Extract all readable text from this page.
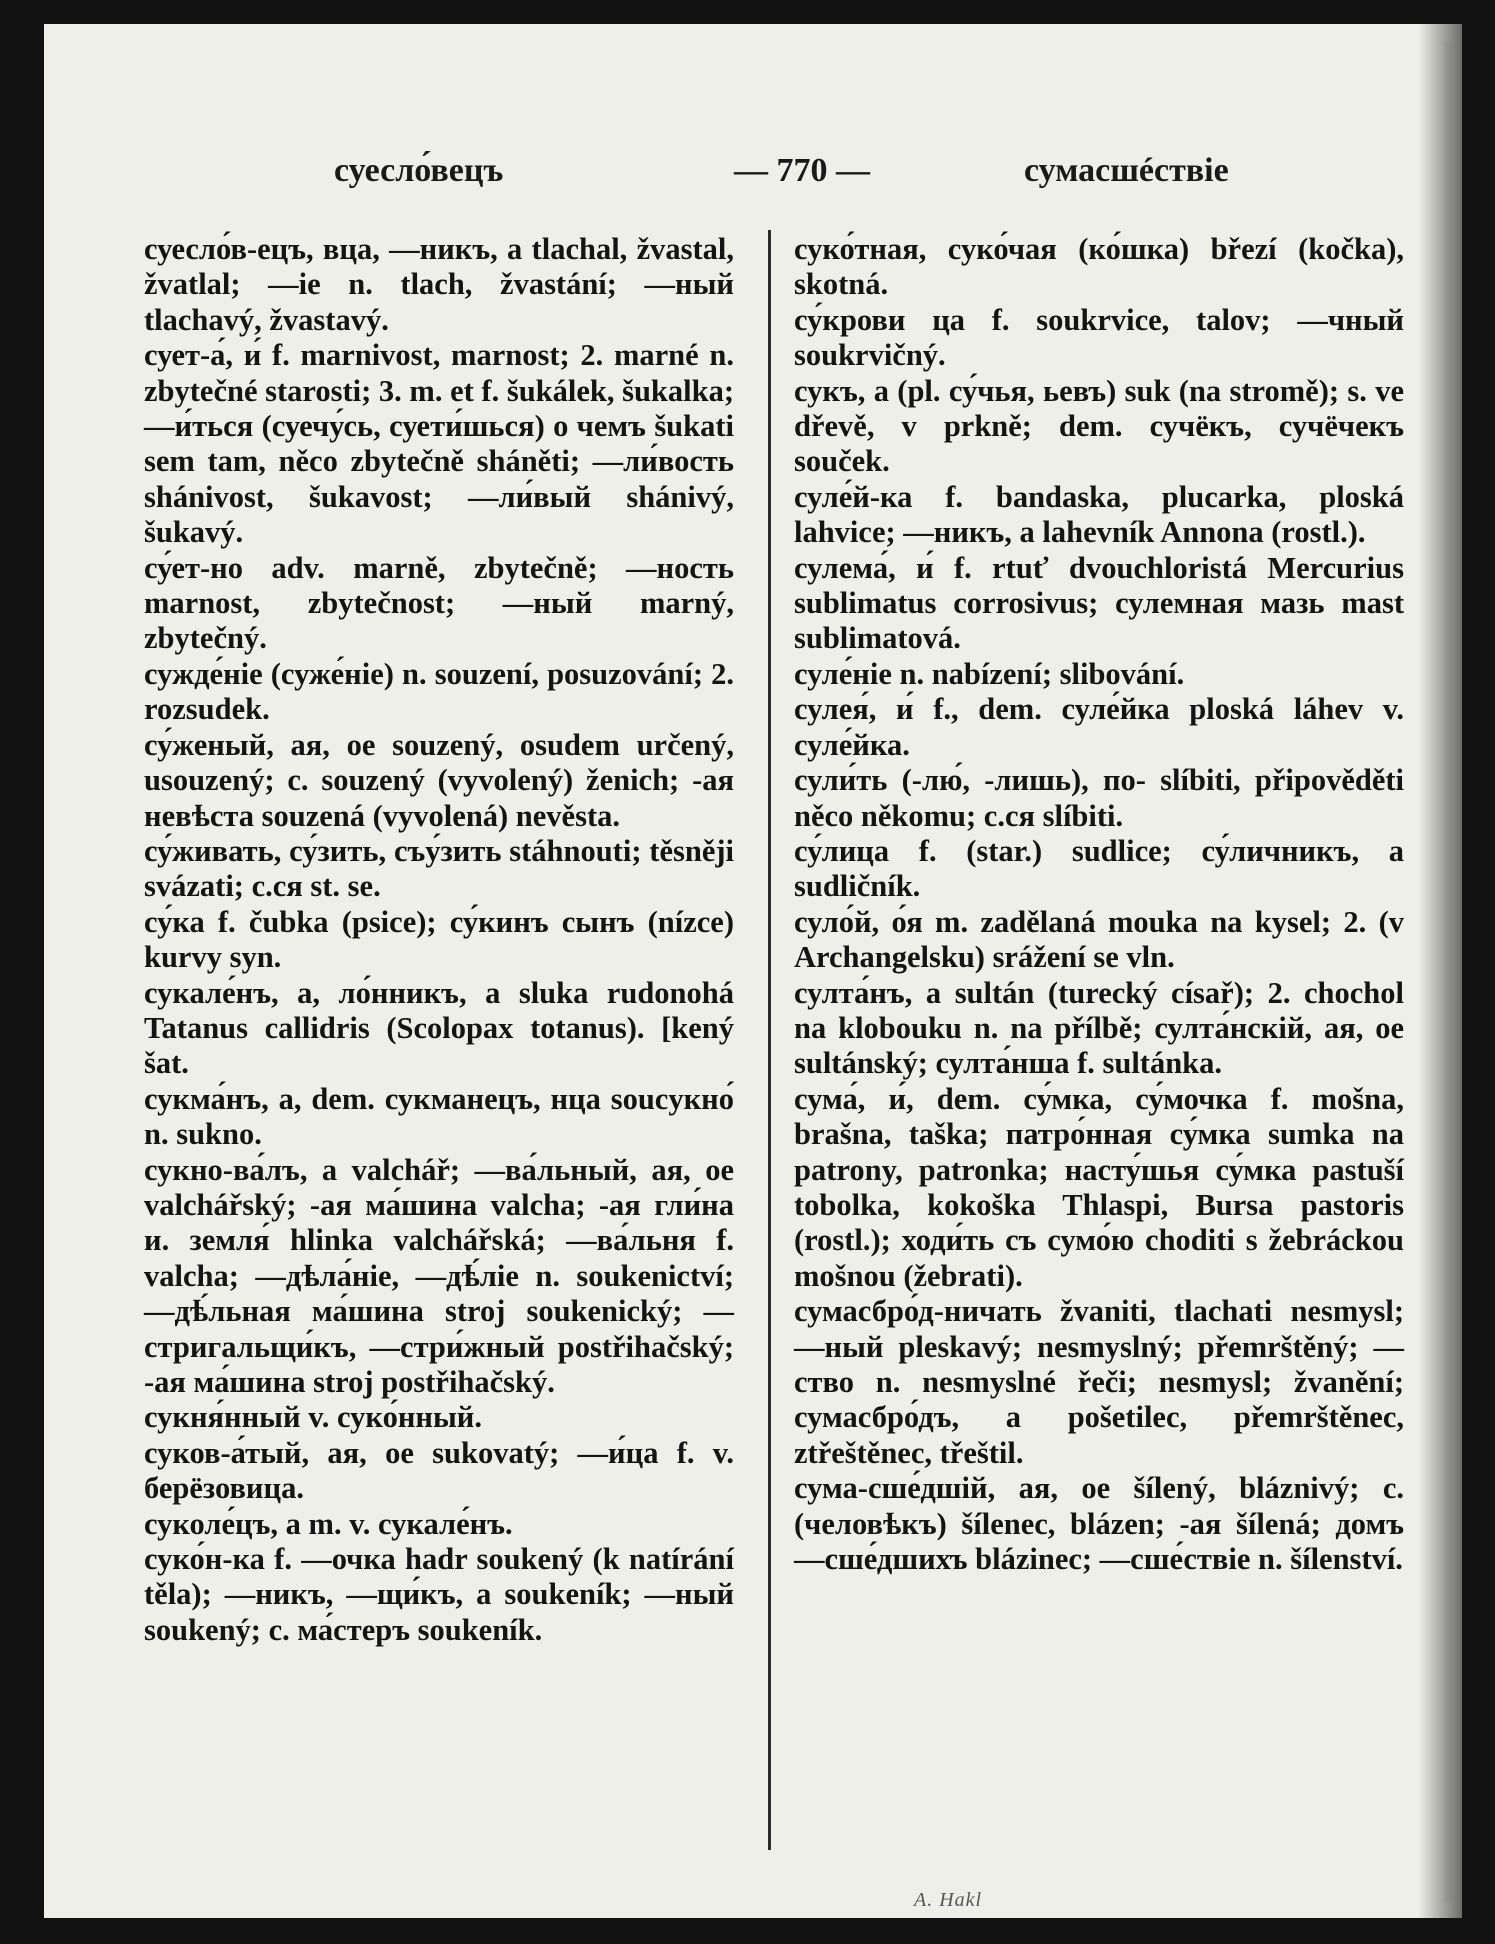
суесло́вецъ	— 770 —	сумасшéствіе

суесло́в-ецъ, вца, —никъ, a tlachal, žvastal, žvatlal; —ie n. tlach, žvastání; —ный tlachavý, žvastavý.

сует-а́, и́ f. marnivost, marnost; 2. marné n. zbytečné starosti; 3. m. et f. šukálek, šukalka; —и́ться (суечу́сь, суети́шься) о чемъ šukati sem tam, něco zbytečně sháněti; —ли́вость shánivost, šukavost; —ли́вый shánivý, šukavý.

су́ет-но adv. marně, zbytečně; —ность marnost, zbytečnost; —ный marný, zbytečný.

сужде́ніе (суже́ніе) n. souzení, posuzování; 2. rozsudek.

су́женый, ая, ое souzený, osudem určený, usouzený; c. souzený (vyvolený) ženich; -ая невѣста souzená (vyvolená) nevěsta.

су́живать, су́зить, съу́зить stáhnouti; těsněji svázati; c.ся st. se.

су́ка f. čubka (psice); су́кинъ сынъ (nízce) kurvy syn.

сукале́нъ, а, ло́нникъ, a sluka rudonohá Tatanus callidris (Scolopax totanus). [kený šat.

сукма́нъ, а, dem. сукманецъ, нца soucукно́ n. sukno.

сукно-ва́лъ, a valchář; —ва́льный, ая, ое valchářský; -ая ма́шина valcha; -ая гли́на и. земля́ hlinka valchářská; —ва́льня f. valcha; —дѣла́ніе, —дѣ́ліе n. soukenictví; —дѣ́льная ма́шина stroj soukenický; —стригальщи́къ, —стри́жный postřihačský; -ая ма́шина stroj postřihačský.

сукня́нный v. суко́нный.

суков-а́тый, ая, ое sukovatý; —и́ца f. v. берёзовица.

суколе́цъ, a m. v. сукале́нъ.

суко́н-ка f. —очка hadr soukený (k natírání těla); —никъ, —щи́къ, a soukeník; —ный soukený; c. ма́стеръ soukeník.

суко́тная, суко́чая (ко́шка) březí (kočka), skotná.

су́крови ца f. soukrvice, talov; —чный soukrvičný.

сукъ, a (pl. су́чья, ьевъ) suk (na stromě); s. ve dřevě, v prkně; dem. сучёкъ, сучёчекъ souček.

суле́й-ка f. bandaska, plucarka, ploská lahvice; —никъ, a lahevník Annona (rostl.).

сулема́, и́ f. rtuť dvouchloristá Mercurius sublimatus corrosivus; сулемная мазь mast sublimatová.

суле́ніе n. nabízení; slibování.

сулея́, и́ f., dem. суле́йка ploská láhev v. суле́йка.

сули́ть (-лю́, -лишь), по- slíbiti, připověděti něco někomu; c.ся slíbiti.

су́лица f. (star.) sudlice; су́личникъ, a sudličník.

суло́й, о́я m. zadělaná mouka na kysel; 2. (v Archangelsku) srážení se vln.

султа́нъ, a sultán (turecký císař); 2. chochol na klobouku n. na přílbě; султа́нскій, ая, ое sultánský; султа́нша f. sultánka.

сума́, и́, dem. су́мка, су́мочка f. mošna, brašna, taška; патро́нная су́мка sumka na patrony, patronka; насту́шья су́мка pastuší tobolka, kokoška Thlaspi, Bursa pastoris (rostl.); ходи́ть съ сумо́ю choditi s žebráckou mošnou (žebrati).

сумасбро́д-ничать žvaniti, tlachati nesmysl; —ный pleskavý; nesmyslný; přemrštěný; —ство n. nesmyslné řeči; nesmysl; žvanění; сумасбро́дъ, a pošetilec, přemrštěnec, ztřeštěnec, třeštil.

сума-сше́дшій, ая, ое šílený, bláznivý; c. (человѣкъ) šílenec, blázen; -ая šílená; домъ —сше́дшихъ blázinec; —сше́ствіе n. šílenství.

A. Hakl
